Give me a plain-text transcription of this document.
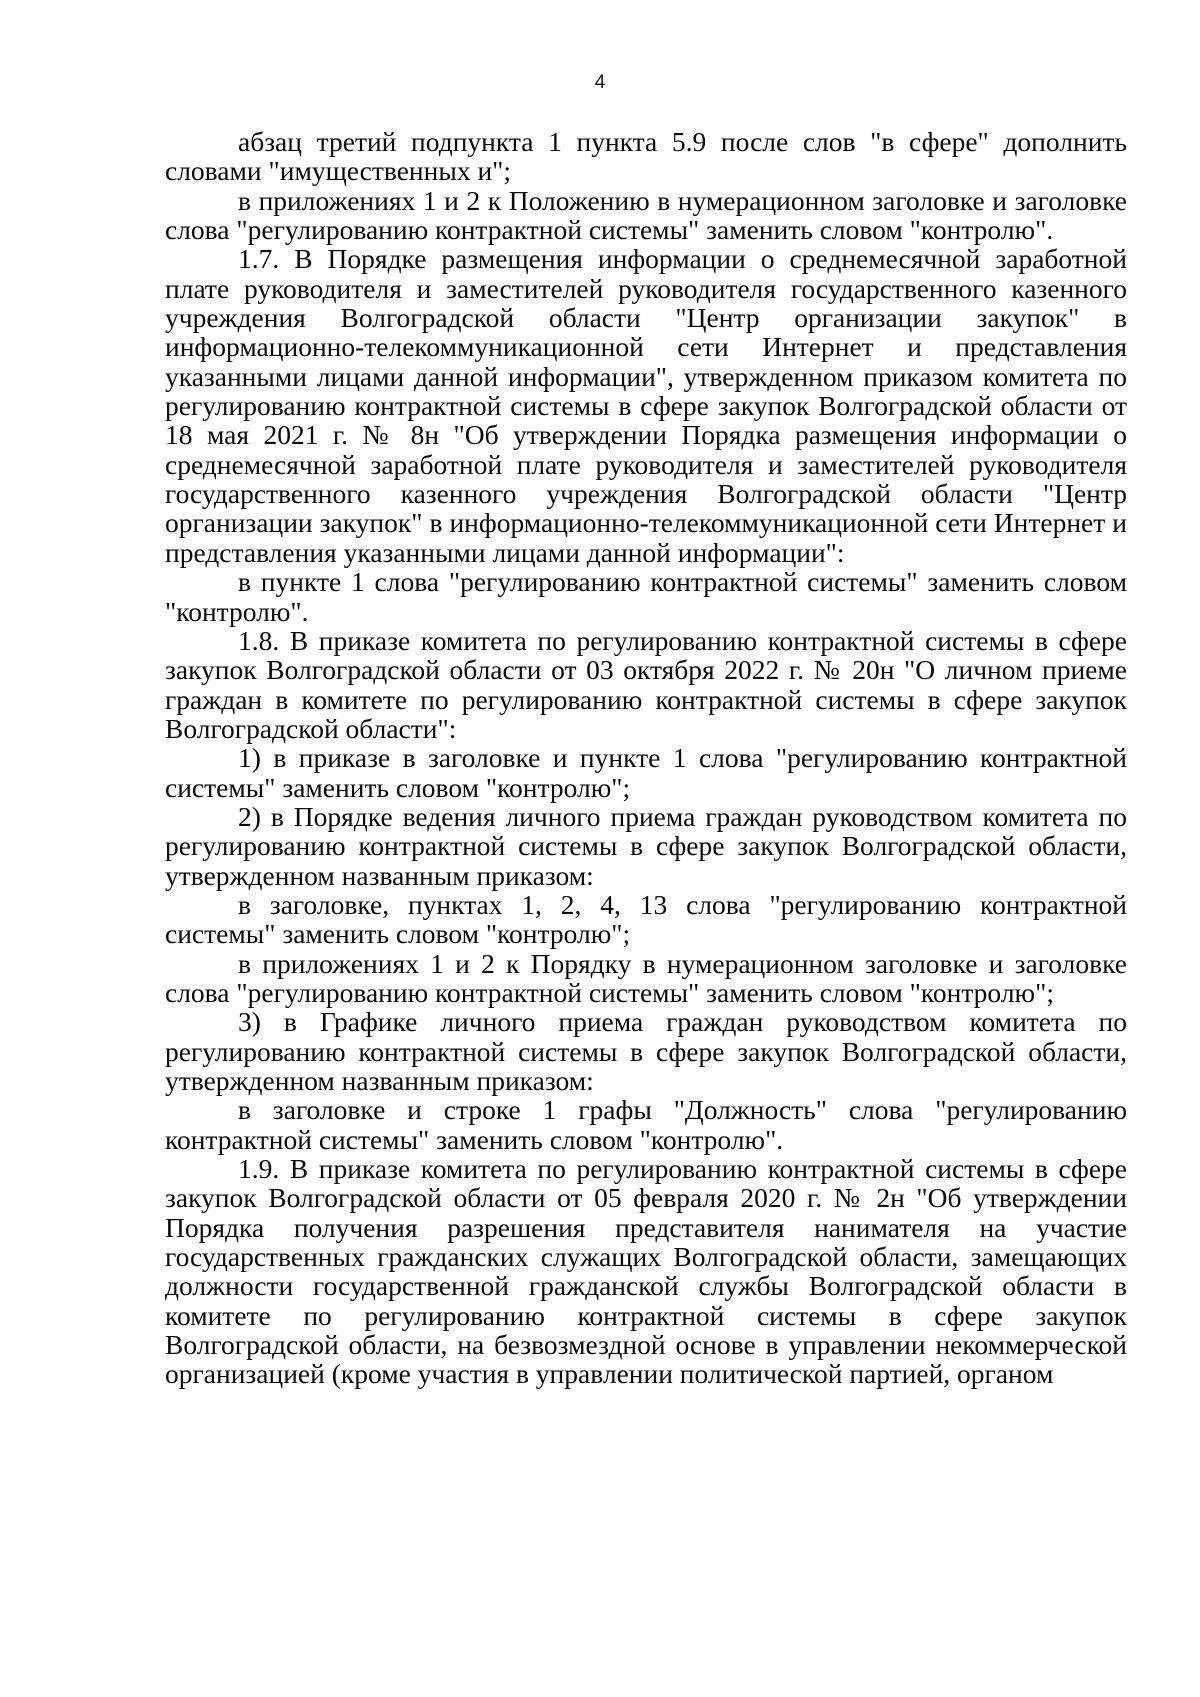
4

абзац третий подпункта 1 пункта 5.9 после слов "в сфере" дополнить словами "имущественных и";

в приложениях 1 и 2 к Положению в нумерационном заголовке и заголовке слова "регулированию контрактной системы" заменить словом "контролю".

1.7. В Порядке размещения информации о среднемесячной заработной плате руководителя и заместителей руководителя государственного казенного учреждения Волгоградской области "Центр организации закупок" в информационно-телекоммуникационной сети Интернет и представления указанными лицами данной информации", утвержденном приказом комитета по регулированию контрактной системы в сфере закупок Волгоградской области от 18 мая 2021 г. № 8н "Об утверждении Порядка размещения информации о среднемесячной заработной плате руководителя и заместителей руководителя государственного казенного учреждения Волгоградской области "Центр организации закупок" в информационно-телекоммуникационной сети Интернет и представления указанными лицами данной информации":

в пункте 1 слова "регулированию контрактной системы" заменить словом "контролю".

1.8. В приказе комитета по регулированию контрактной системы в сфере закупок Волгоградской области от 03 октября 2022 г. № 20н "О личном приеме граждан в комитете по регулированию контрактной системы в сфере закупок Волгоградской области":

1) в приказе в заголовке и пункте 1 слова "регулированию контрактной системы" заменить словом "контролю";

2) в Порядке ведения личного приема граждан руководством комитета по регулированию контрактной системы в сфере закупок Волгоградской области, утвержденном названным приказом:

в заголовке, пунктах 1, 2, 4, 13 слова "регулированию контрактной системы" заменить словом "контролю";

в приложениях 1 и 2 к Порядку в нумерационном заголовке и заголовке слова "регулированию контрактной системы" заменить словом "контролю";

3) в Графике личного приема граждан руководством комитета по регулированию контрактной системы в сфере закупок Волгоградской области, утвержденном названным приказом:

в заголовке и строке 1 графы "Должность" слова "регулированию контрактной системы" заменить словом "контролю".

1.9. В приказе комитета по регулированию контрактной системы в сфере закупок Волгоградской области от 05 февраля 2020 г. № 2н "Об утверждении Порядка получения разрешения представителя нанимателя на участие государственных гражданских служащих Волгоградской области, замещающих должности государственной гражданской службы Волгоградской области в комитете по регулированию контрактной системы в сфере закупок Волгоградской области, на безвозмездной основе в управлении некоммерческой организацией (кроме участия в управлении политической партией, органом
